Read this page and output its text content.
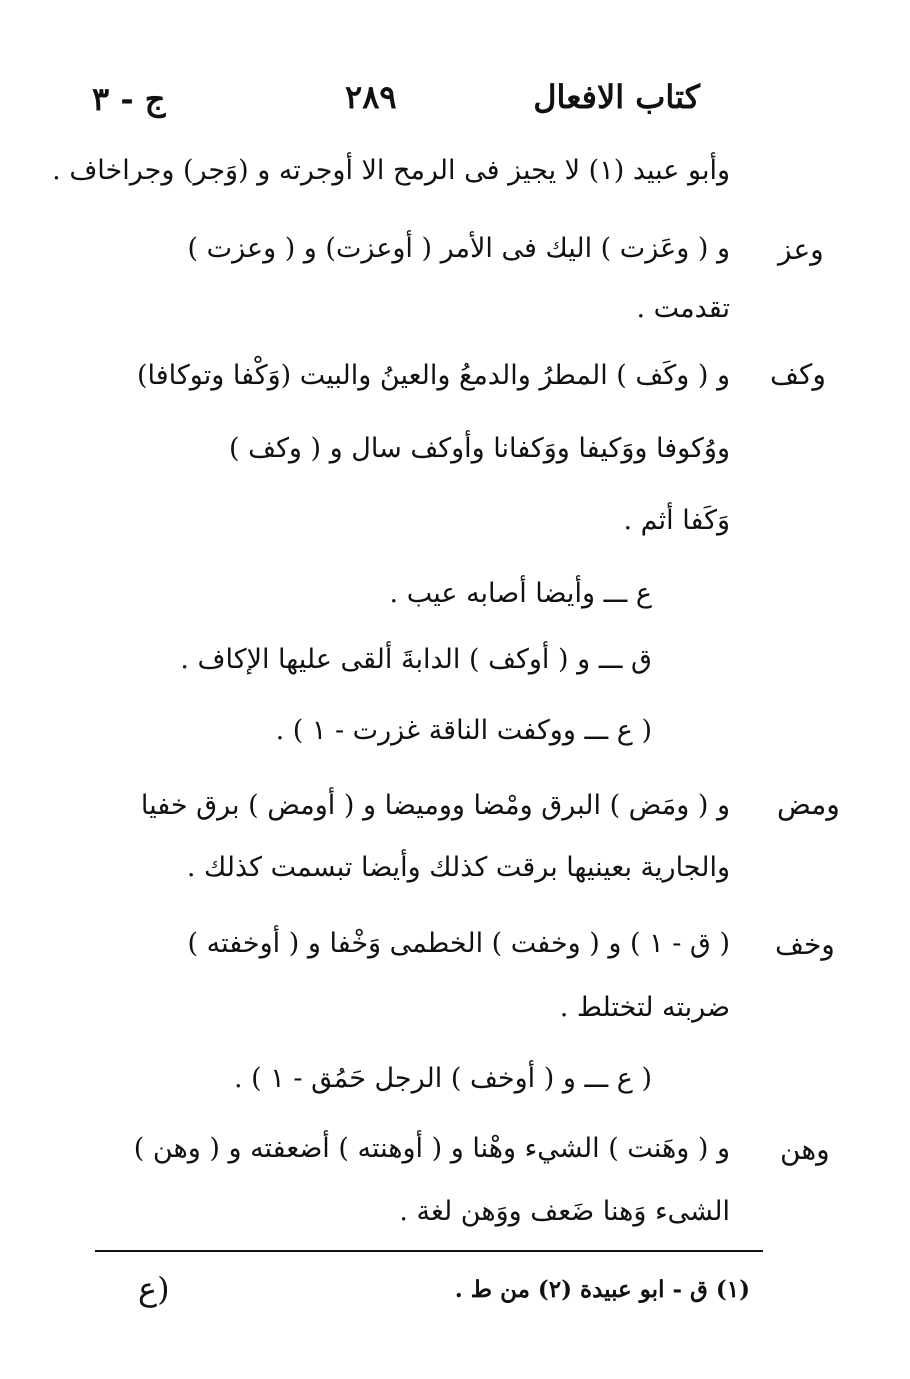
كتاب الافعال
٢٨٩
ج - ٣
وأبو عبيد (١) لا يجيز فى الرمح الا أوجرته و (وَجر) وجراخاف .
وعز
و ( وعَزت ) اليك فى الأمر ( أوعزت) و ( وعزت )
تقدمت .
وكف
و ( وكَف ) المطرُ والدمعُ والعينُ والبيت (وَكْفا وتوكافا)
ووُكوفا ووَكيفا ووَكفانا وأوكف سال و ( وكف )
وَكَفا أثم .
ع ـــ وأيضا أصابه عيب .
ق ـــ و ( أوكف ) الدابةَ ألقى عليها الإكاف .
( ع ـــ ووكفت الناقة غزرت - ١ ) .
ومض
و ( ومَض ) البرق ومْضا ووميضا و ( أومض ) برق خفيا
والجارية بعينيها برقت كذلك وأيضا تبسمت كذلك .
وخف
( ق - ١ ) و ( وخفت ) الخطمى وَخْفا و ( أوخفته )
ضربته لتختلط .
( ع ـــ و ( أوخف ) الرجل حَمُق - ١ ) .
وهن
و ( وهَنت ) الشيء وهْنا و ( أوهنته ) أضعفته و ( وهن )
الشىء وَهنا ضَعف ووَهن لغة .
(١) ق - ابو عبيدة (٢) من ط .
(ع
